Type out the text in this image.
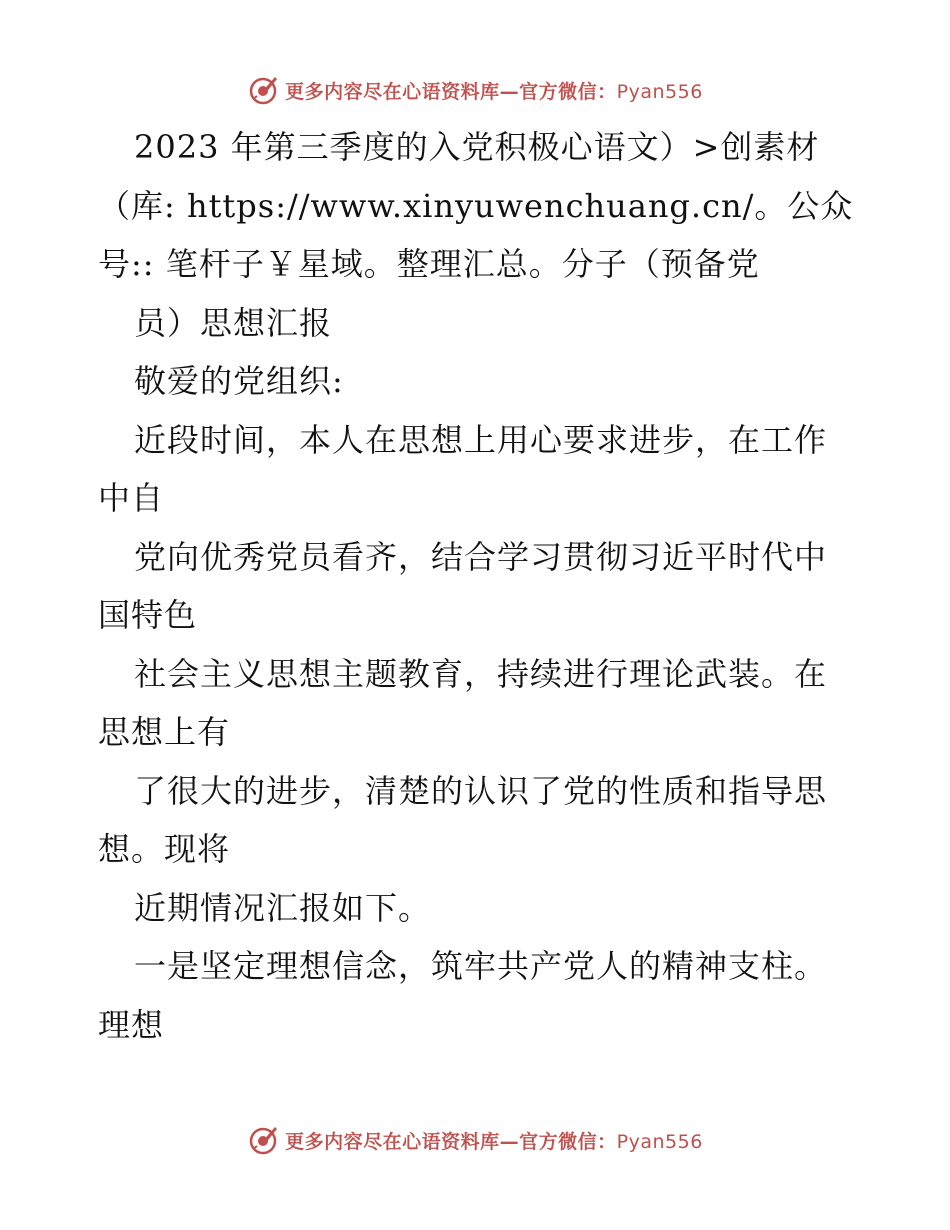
更多内容尽在心语资料库—官方微信：Pyan556
2023 年第三季度的入党积极心语文）>创素材
（库: https://www.xinyuwenchuang.cn/。公众
号:: 笔杆子￥星域。整理汇总。分子（预备党
员）思想汇报
敬爱的党组织:
近段时间，本人在思想上用心要求进步，在工作
中自
党向优秀党员看齐，结合学习贯彻习近平时代中
国特色
社会主义思想主题教育，持续进行理论武装。在
思想上有
了很大的进步，清楚的认识了党的性质和指导思
想。现将
近期情况汇报如下。
一是坚定理想信念，筑牢共产党人的精神支柱。
理想
更多内容尽在心语资料库—官方微信：Pyan556
